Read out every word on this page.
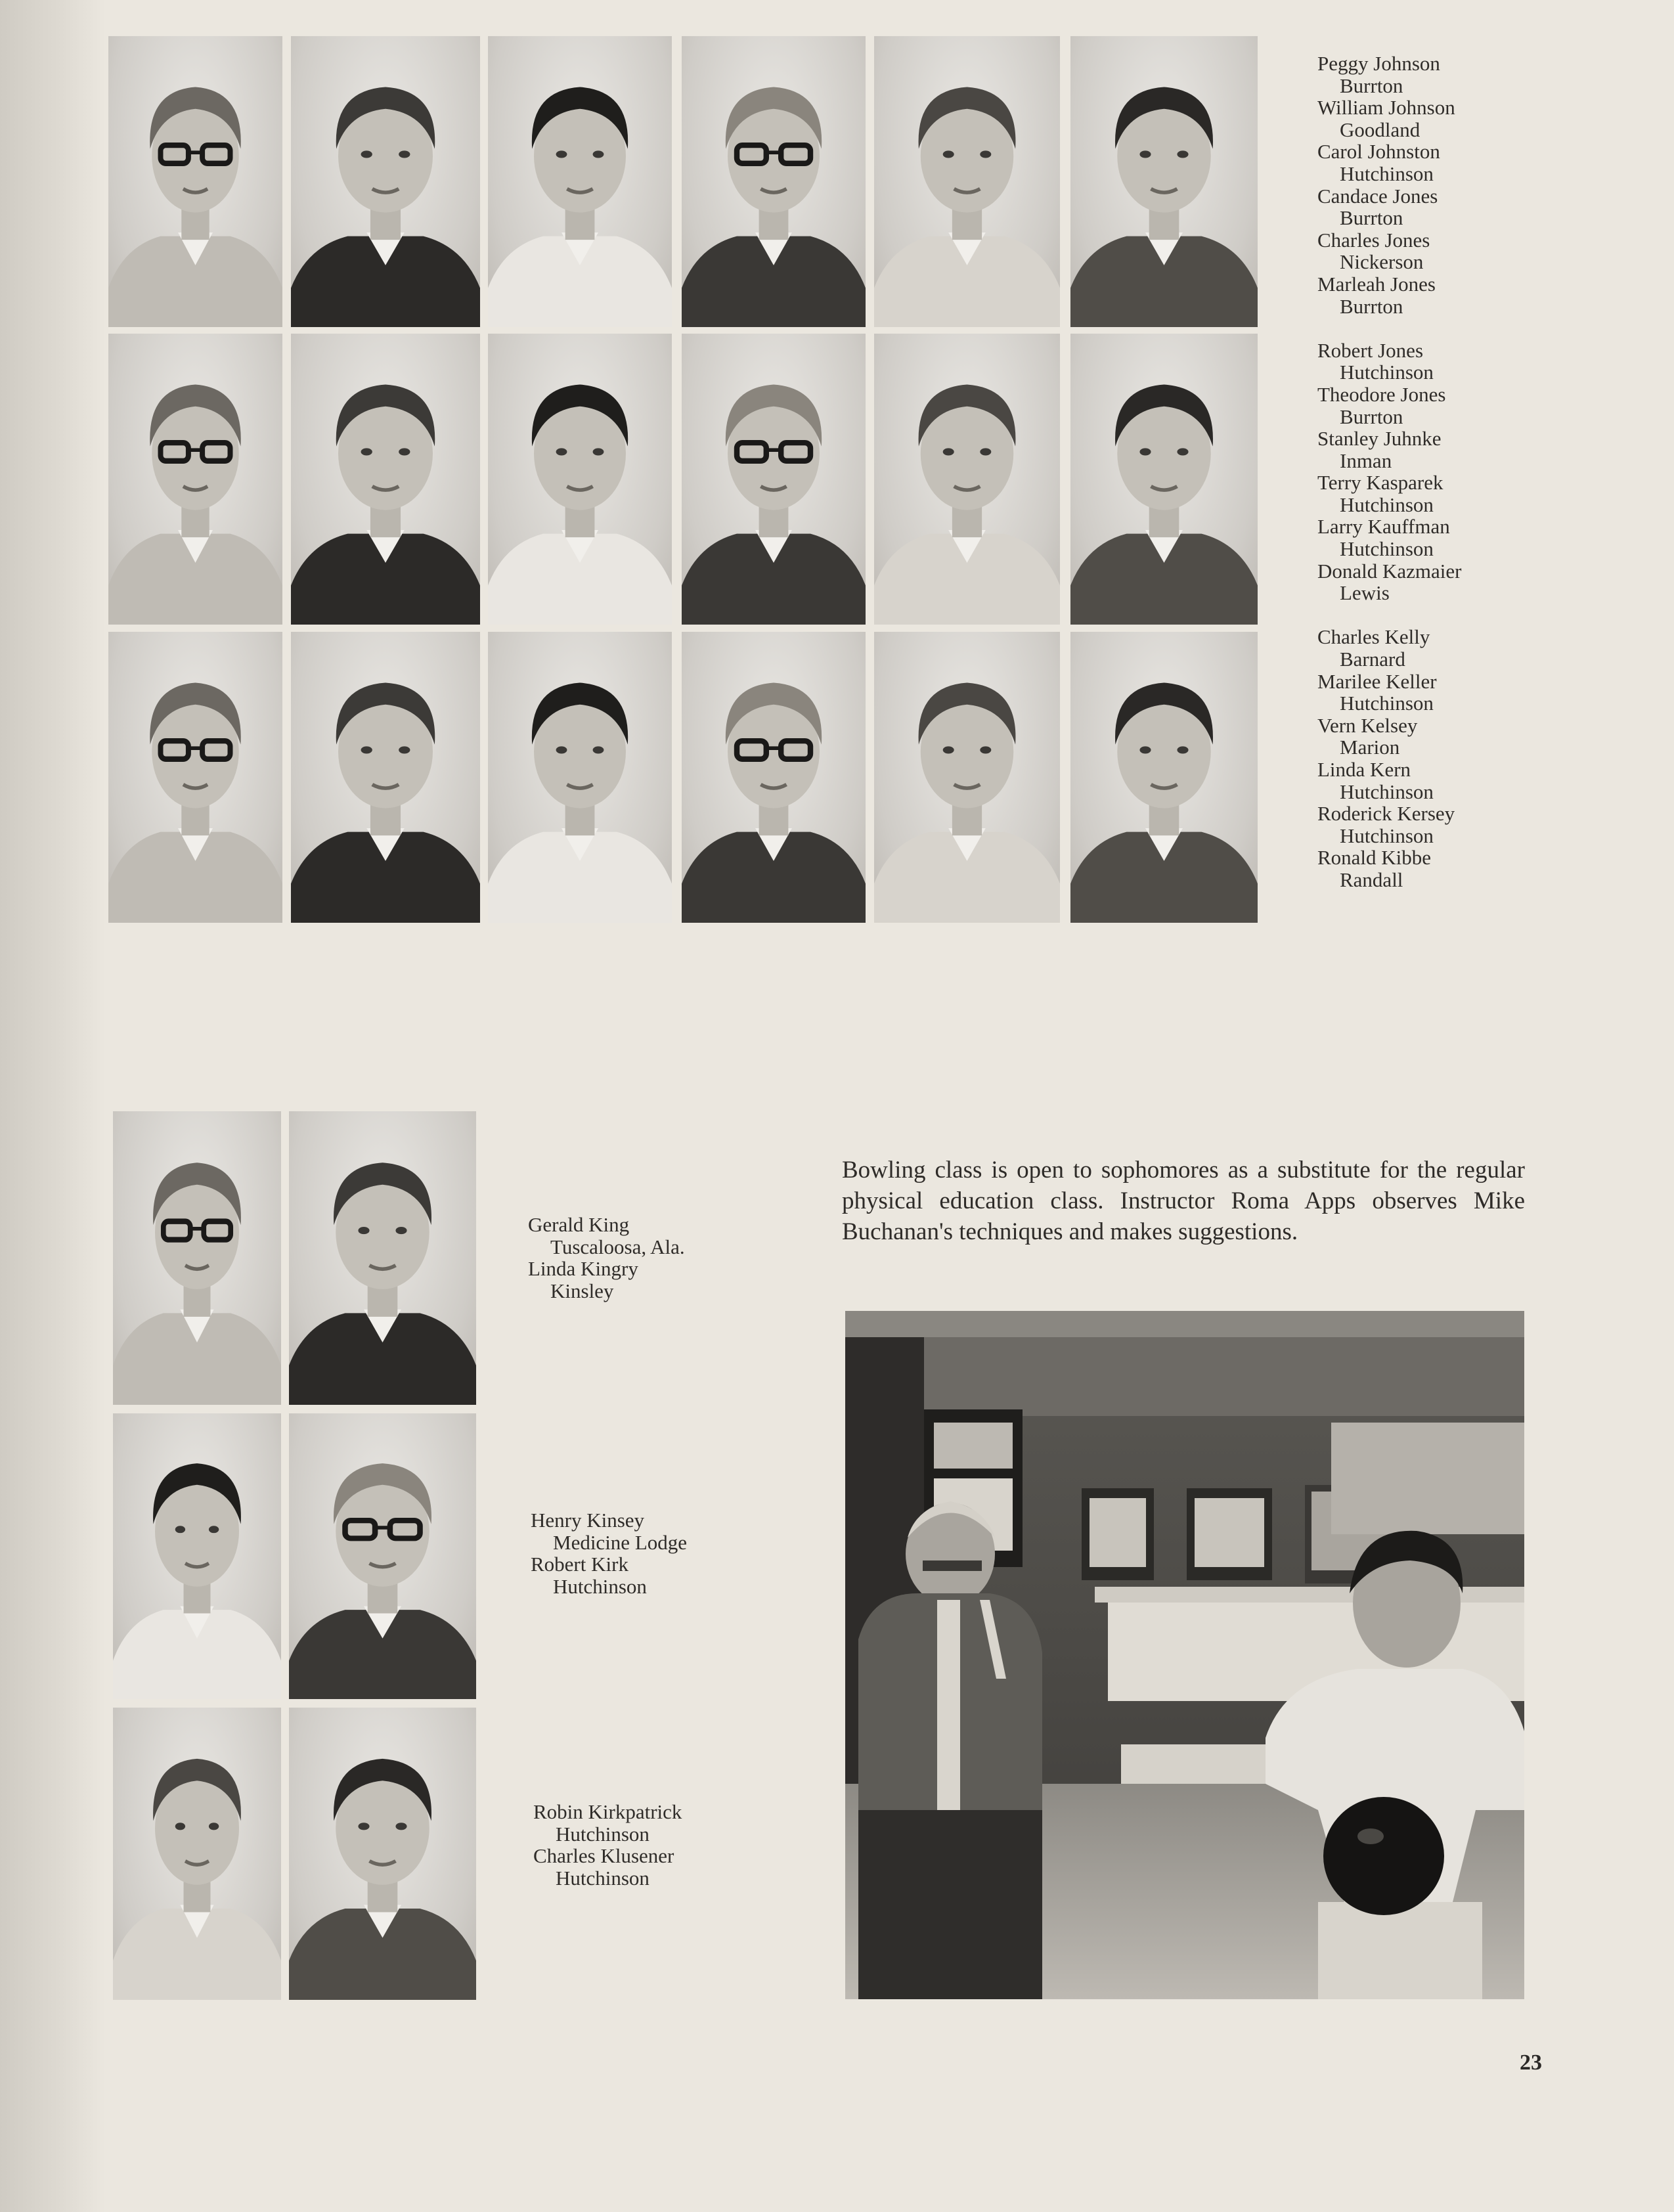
Peggy Johnson
Burrton
William Johnson
Goodland
Carol Johnston
Hutchinson
Candace Jones
Burrton
Charles Jones
Nickerson
Marleah Jones
Burrton
Robert Jones
Hutchinson
Theodore Jones
Burrton
Stanley Juhnke
Inman
Terry Kasparek
Hutchinson
Larry Kauffman
Hutchinson
Donald Kazmaier
Lewis
Charles Kelly
Barnard
Marilee Keller
Hutchinson
Vern Kelsey
Marion
Linda Kern
Hutchinson
Roderick Kersey
Hutchinson
Ronald Kibbe
Randall
Gerald King
Tuscaloosa, Ala.
Linda Kingry
Kinsley
Henry Kinsey
Medicine Lodge
Robert Kirk
Hutchinson
Robin Kirkpatrick
Hutchinson
Charles Klusener
Hutchinson
Bowling class is open to sophomores as a substitute for the regular physical education class. Instructor Roma Apps observes Mike Buchanan's techniques and makes suggestions.
23
